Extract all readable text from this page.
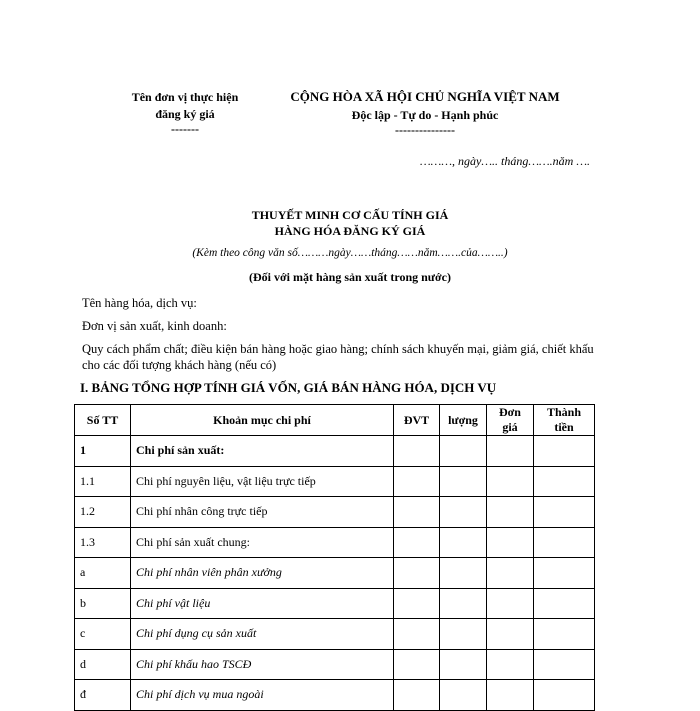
Tên đơn vị thực hiện
đăng ký giá
-------
CỘNG HÒA XÃ HỘI CHỦ NGHĨA VIỆT NAM
Độc lập - Tự do - Hạnh phúc
---------------
………, ngày….. tháng…….năm ….
THUYẾT MINH CƠ CẤU TÍNH GIÁ
HÀNG HÓA ĐĂNG KÝ GIÁ
(Kèm theo công văn số………ngày……tháng……năm…….của……..)
(Đối với mặt hàng sản xuất trong nước)
Tên hàng hóa, dịch vụ:
Đơn vị sản xuất, kinh doanh:
Quy cách phẩm chất; điều kiện bán hàng hoặc giao hàng; chính sách khuyến mại, giảm giá, chiết khấu cho các đối tượng khách hàng (nếu có)
I. BẢNG TỔNG HỢP TÍNH GIÁ VỐN, GIÁ BÁN HÀNG HÓA, DỊCH VỤ
Số TT	Khoản mục chi phí	ĐVT	lượng	Đơn giá	Thành tiền
1	Chi phí sản xuất:				
1.1	Chi phí nguyên liệu, vật liệu trực tiếp				
1.2	Chi phí nhân công trực tiếp				
1.3	Chi phí sản xuất chung:				
a	Chi phí nhân viên phân xưởng				
b	Chi phí vật liệu				
c	Chi phí dụng cụ sản xuất				
d	Chi phí khấu hao TSCĐ				
đ	Chi phí dịch vụ mua ngoài				
